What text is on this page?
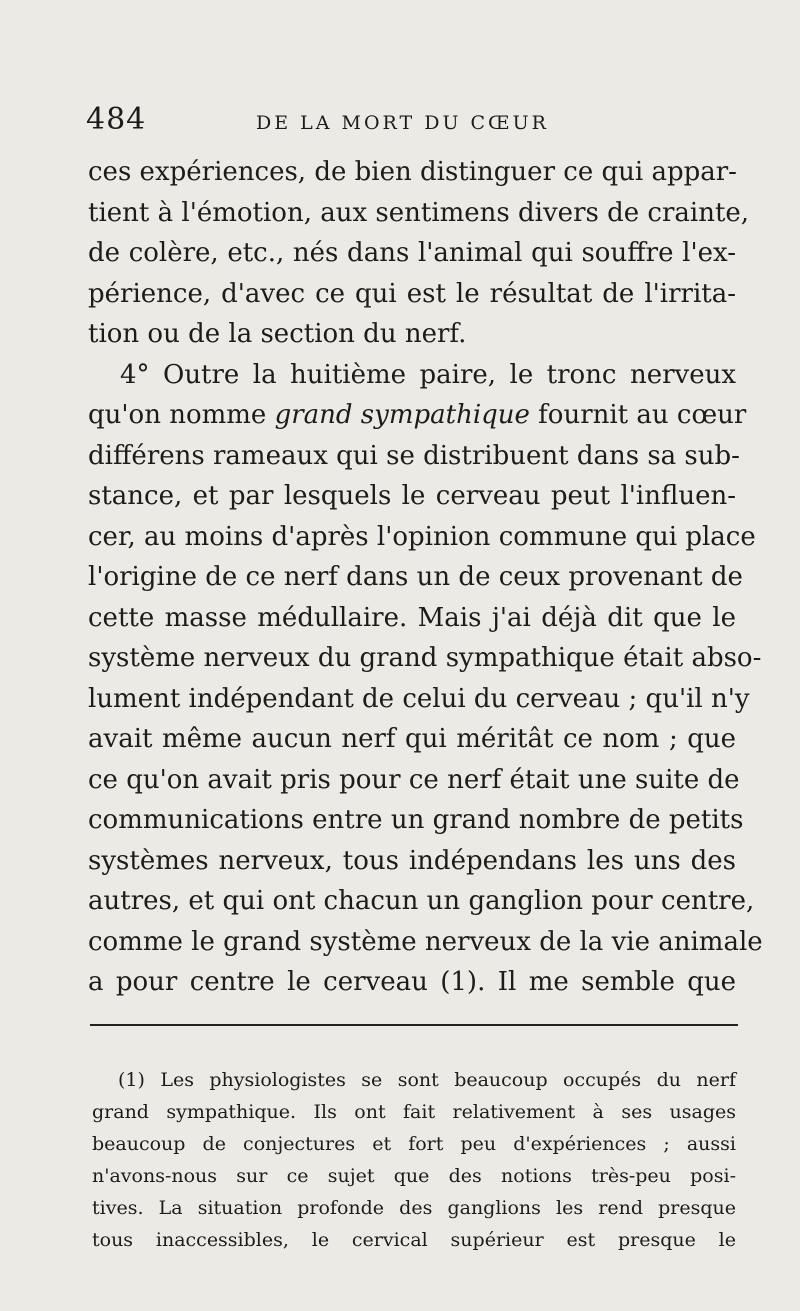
484	DE LA MORT DU CŒUR
ces expériences, de bien distinguer ce qui appar-
tient à l'émotion, aux sentimens divers de crainte,
de colère, etc., nés dans l'animal qui souffre l'ex-
périence, d'avec ce qui est le résultat de l'irrita-
tion ou de la section du nerf.
4° Outre la huitième paire, le tronc nerveux
qu'on nomme grand sympathique fournit au cœur
différens rameaux qui se distribuent dans sa sub-
stance, et par lesquels le cerveau peut l'influen-
cer, au moins d'après l'opinion commune qui place
l'origine de ce nerf dans un de ceux provenant de
cette masse médullaire. Mais j'ai déjà dit que le
système nerveux du grand sympathique était abso-
lument indépendant de celui du cerveau ; qu'il n'y
avait même aucun nerf qui méritât ce nom ; que
ce qu'on avait pris pour ce nerf était une suite de
communications entre un grand nombre de petits
systèmes nerveux, tous indépendans les uns des
autres, et qui ont chacun un ganglion pour centre,
comme le grand système nerveux de la vie animale
a pour centre le cerveau (1). Il me semble que
(1) Les physiologistes se sont beaucoup occupés du nerf
grand sympathique. Ils ont fait relativement à ses usages
beaucoup de conjectures et fort peu d'expériences ; aussi
n'avons-nous sur ce sujet que des notions très-peu posi-
tives. La situation profonde des ganglions les rend presque
tous inaccessibles, le cervical supérieur est presque le
